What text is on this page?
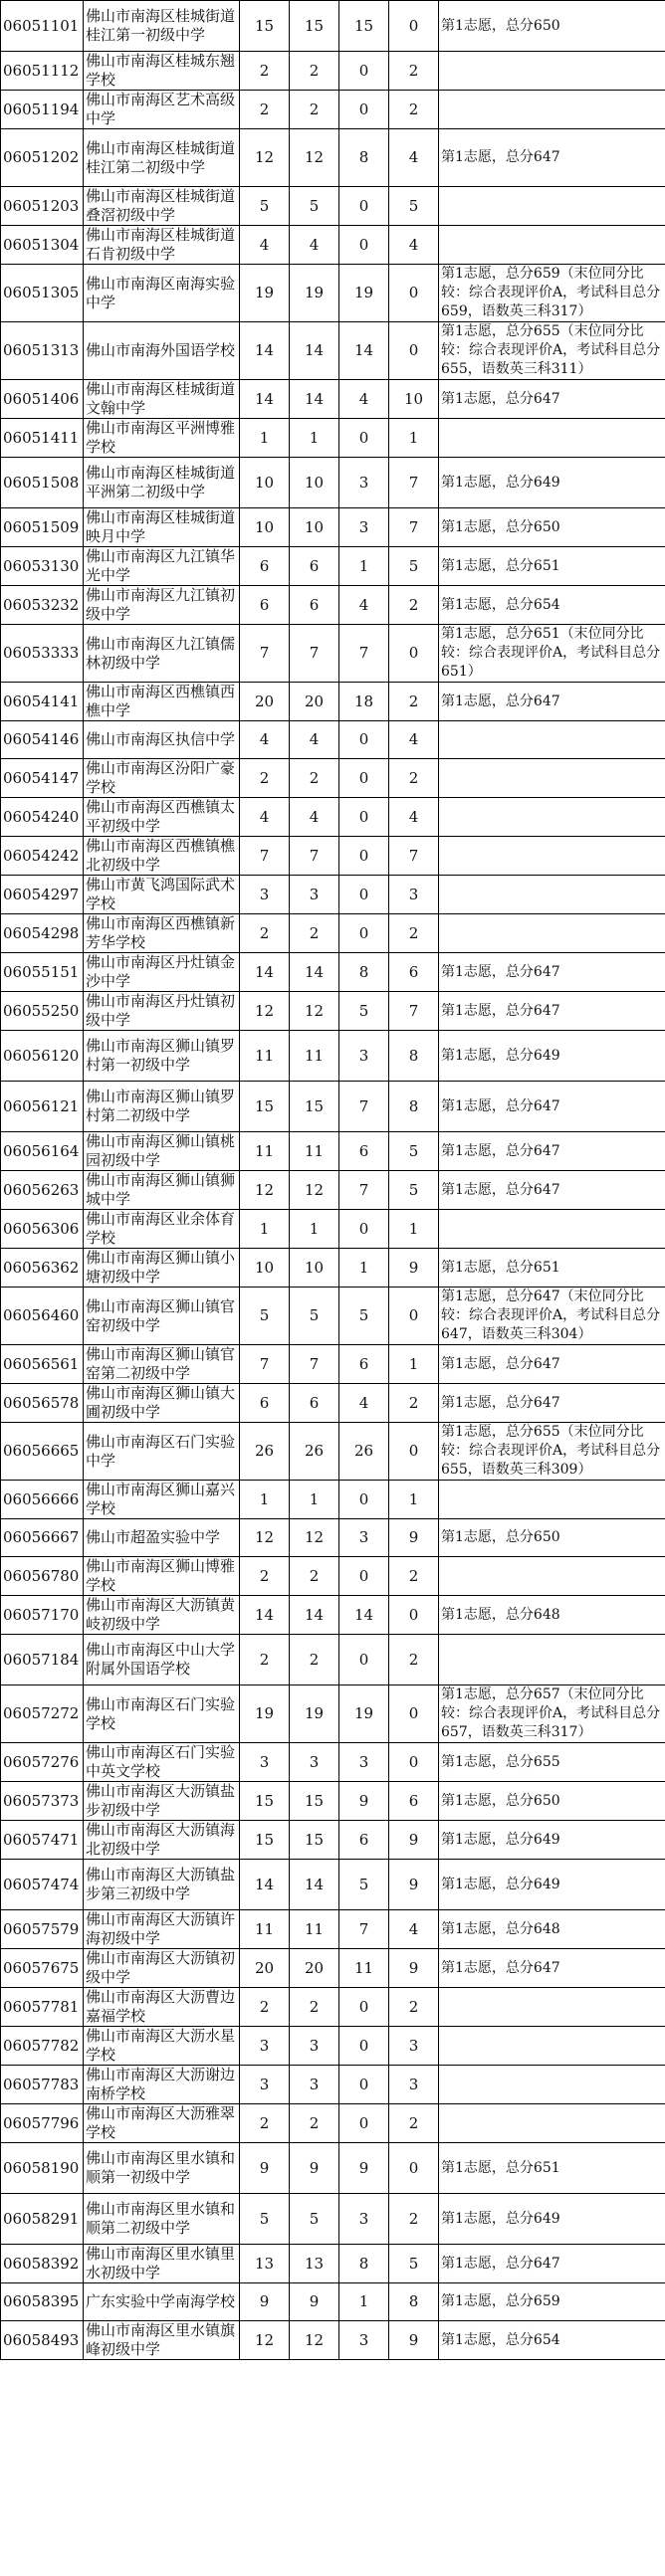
06051101	佛山市南海区桂城街道桂江第一初级中学	15	15	15	0	第1志愿，总分650
06051112	佛山市南海区桂城东翘学校	2	2	0	2	
06051194	佛山市南海区艺术高级中学	2	2	0	2	
06051202	佛山市南海区桂城街道桂江第二初级中学	12	12	8	4	第1志愿，总分647
06051203	佛山市南海区桂城街道叠滘初级中学	5	5	0	5	
06051304	佛山市南海区桂城街道石肯初级中学	4	4	0	4	
06051305	佛山市南海区南海实验中学	19	19	19	0	第1志愿，总分659（末位同分比较：综合表现评价A，考试科目总分659，语数英三科317）
06051313	佛山市南海外国语学校	14	14	14	0	第1志愿，总分655（末位同分比较：综合表现评价A，考试科目总分655，语数英三科311）
06051406	佛山市南海区桂城街道文翰中学	14	14	4	10	第1志愿，总分647
06051411	佛山市南海区平洲博雅学校	1	1	0	1	
06051508	佛山市南海区桂城街道平洲第二初级中学	10	10	3	7	第1志愿，总分649
06051509	佛山市南海区桂城街道映月中学	10	10	3	7	第1志愿，总分650
06053130	佛山市南海区九江镇华光中学	6	6	1	5	第1志愿，总分651
06053232	佛山市南海区九江镇初级中学	6	6	4	2	第1志愿，总分654
06053333	佛山市南海区九江镇儒林初级中学	7	7	7	0	第1志愿，总分651（末位同分比较：综合表现评价A，考试科目总分651）
06054141	佛山市南海区西樵镇西樵中学	20	20	18	2	第1志愿，总分647
06054146	佛山市南海区执信中学	4	4	0	4	
06054147	佛山市南海区汾阳广豪学校	2	2	0	2	
06054240	佛山市南海区西樵镇太平初级中学	4	4	0	4	
06054242	佛山市南海区西樵镇樵北初级中学	7	7	0	7	
06054297	佛山市黄飞鸿国际武术学校	3	3	0	3	
06054298	佛山市南海区西樵镇新芳华学校	2	2	0	2	
06055151	佛山市南海区丹灶镇金沙中学	14	14	8	6	第1志愿，总分647
06055250	佛山市南海区丹灶镇初级中学	12	12	5	7	第1志愿，总分647
06056120	佛山市南海区狮山镇罗村第一初级中学	11	11	3	8	第1志愿，总分649
06056121	佛山市南海区狮山镇罗村第二初级中学	15	15	7	8	第1志愿，总分647
06056164	佛山市南海区狮山镇桃园初级中学	11	11	6	5	第1志愿，总分647
06056263	佛山市南海区狮山镇狮城中学	12	12	7	5	第1志愿，总分647
06056306	佛山市南海区业余体育学校	1	1	0	1	
06056362	佛山市南海区狮山镇小塘初级中学	10	10	1	9	第1志愿，总分651
06056460	佛山市南海区狮山镇官窑初级中学	5	5	5	0	第1志愿，总分647（末位同分比较：综合表现评价A，考试科目总分647，语数英三科304）
06056561	佛山市南海区狮山镇官窑第二初级中学	7	7	6	1	第1志愿，总分647
06056578	佛山市南海区狮山镇大圃初级中学	6	6	4	2	第1志愿，总分647
06056665	佛山市南海区石门实验中学	26	26	26	0	第1志愿，总分655（末位同分比较：综合表现评价A，考试科目总分655，语数英三科309）
06056666	佛山市南海区狮山嘉兴学校	1	1	0	1	
06056667	佛山市超盈实验中学	12	12	3	9	第1志愿，总分650
06056780	佛山市南海区狮山博雅学校	2	2	0	2	
06057170	佛山市南海区大沥镇黄岐初级中学	14	14	14	0	第1志愿，总分648
06057184	佛山市南海区中山大学附属外国语学校	2	2	0	2	
06057272	佛山市南海区石门实验学校	19	19	19	0	第1志愿，总分657（末位同分比较：综合表现评价A，考试科目总分657，语数英三科317）
06057276	佛山市南海区石门实验中英文学校	3	3	3	0	第1志愿，总分655
06057373	佛山市南海区大沥镇盐步初级中学	15	15	9	6	第1志愿，总分650
06057471	佛山市南海区大沥镇海北初级中学	15	15	6	9	第1志愿，总分649
06057474	佛山市南海区大沥镇盐步第三初级中学	14	14	5	9	第1志愿，总分649
06057579	佛山市南海区大沥镇许海初级中学	11	11	7	4	第1志愿，总分648
06057675	佛山市南海区大沥镇初级中学	20	20	11	9	第1志愿，总分647
06057781	佛山市南海区大沥曹边嘉福学校	2	2	0	2	
06057782	佛山市南海区大沥水星学校	3	3	0	3	
06057783	佛山市南海区大沥谢边南桥学校	3	3	0	3	
06057796	佛山市南海区大沥雅翠学校	2	2	0	2	
06058190	佛山市南海区里水镇和顺第一初级中学	9	9	9	0	第1志愿，总分651
06058291	佛山市南海区里水镇和顺第二初级中学	5	5	3	2	第1志愿，总分649
06058392	佛山市南海区里水镇里水初级中学	13	13	8	5	第1志愿，总分647
06058395	广东实验中学南海学校	9	9	1	8	第1志愿，总分659
06058493	佛山市南海区里水镇旗峰初级中学	12	12	3	9	第1志愿，总分654
